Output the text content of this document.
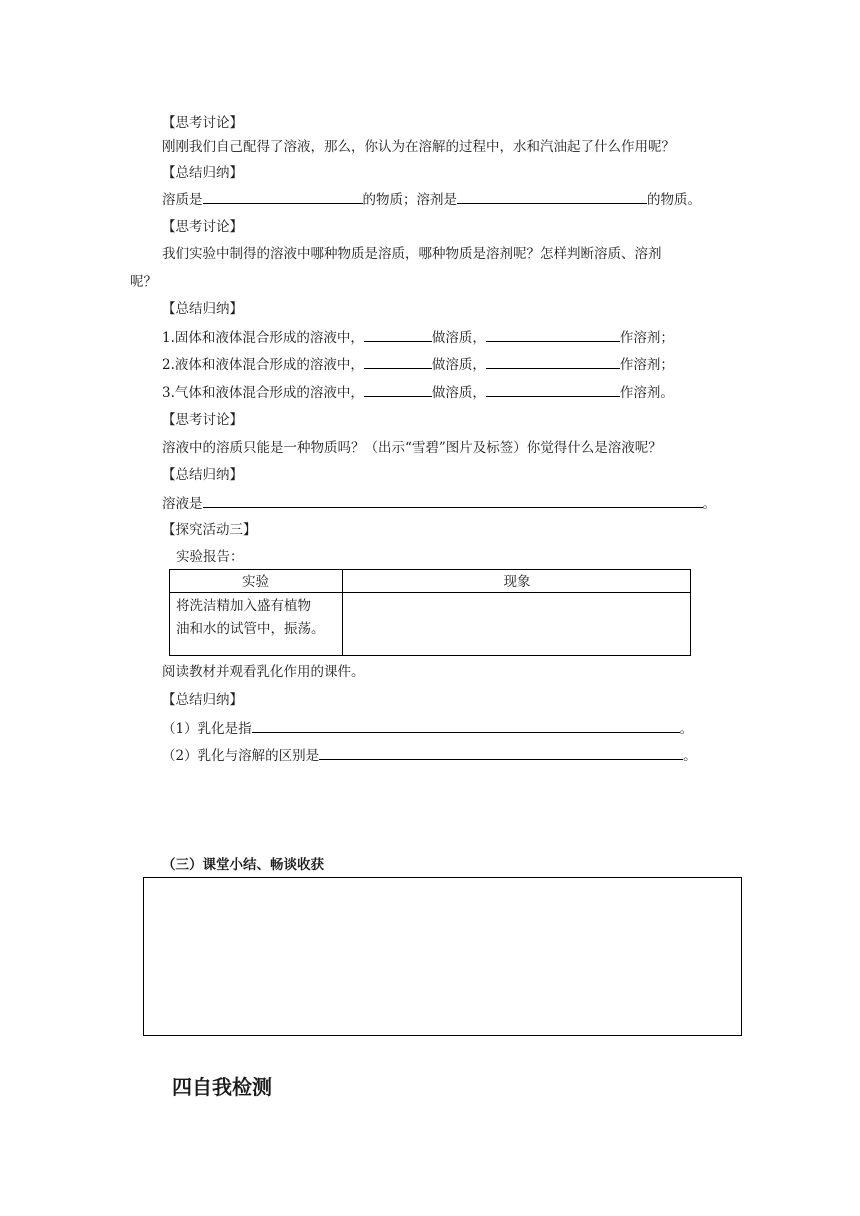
【思考讨论】
刚刚我们自己配得了溶液，那么，你认为在溶解的过程中，水和汽油起了什么作用呢？
【总结归纳】
溶质是	的物质；溶剂是	的物质。
【思考讨论】
我们实验中制得的溶液中哪种物质是溶质，哪种物质是溶剂呢？怎样判断溶质、溶剂
呢？
【总结归纳】
1.固体和液体混合形成的溶液中，	做溶质，	作溶剂；
2.液体和液体混合形成的溶液中，	做溶质，	作溶剂；
3.气体和液体混合形成的溶液中，	做溶质，	作溶剂。
【思考讨论】
溶液中的溶质只能是一种物质吗？（出示“雪碧”图片及标签）你觉得什么是溶液呢？
【总结归纳】
溶液是	。
【探究活动三】
实验报告：
实验	现象
将洗洁精加入盛有植物
油和水的试管中，振荡。
阅读教材并观看乳化作用的课件。
【总结归纳】
（1）乳化是指	。
（2）乳化与溶解的区别是	。
（三）课堂小结、畅谈收获
四自我检测
